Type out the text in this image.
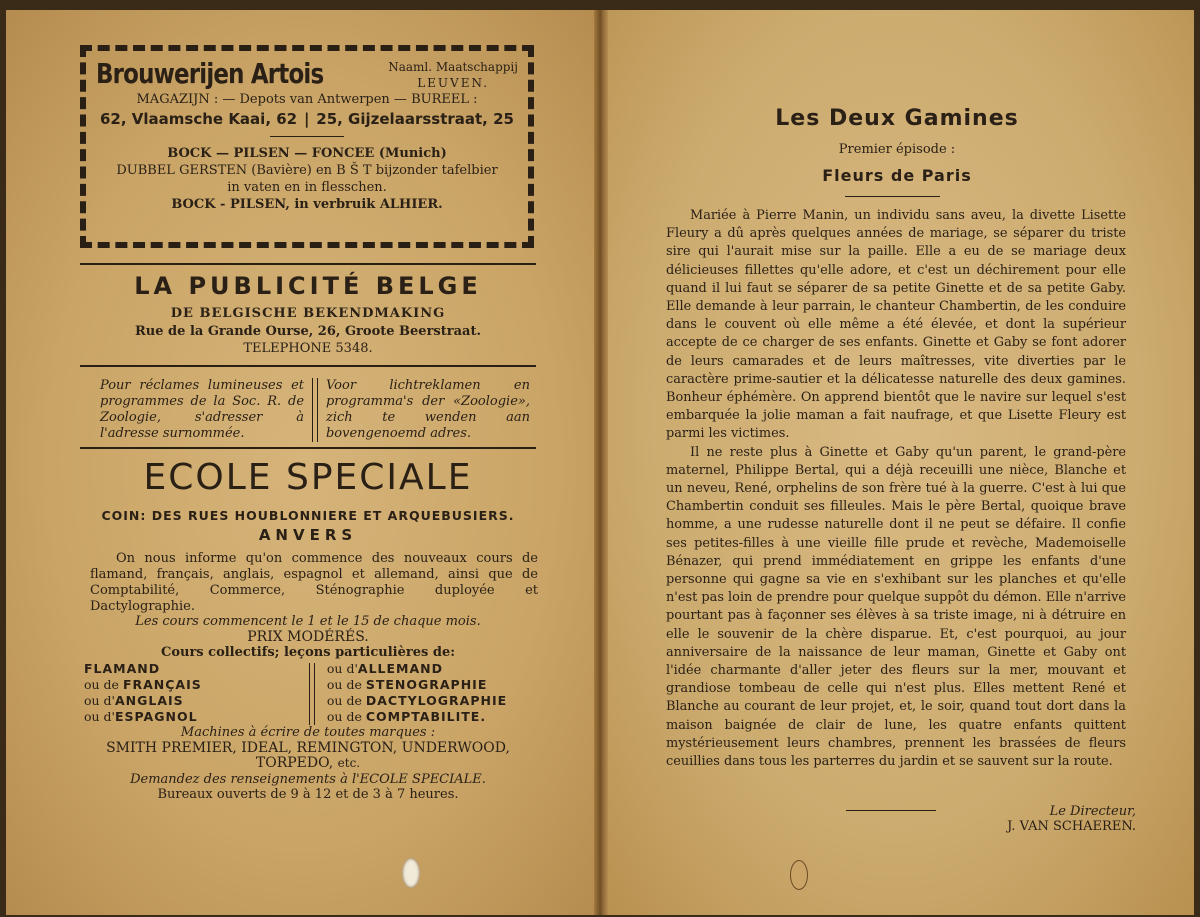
Brouwerijen Artois	Naaml. Maatschappij
LEUVEN.
MAGAZIJN : — Depots van Antwerpen — BUREEL :
62, Vlaamsche Kaai, 62 | 25, Gijzelaarsstraat, 25
BOCK — PILSEN — FONCEE (Munich)
DUBBEL GERSTEN (Bavière) en B Š T bijzonder tafelbier
in vaten en in flesschen.
BOCK - PILSEN, in verbruik ALHIER.
LA PUBLICITÉ BELGE
DE BELGISCHE BEKENDMAKING
Rue de la Grande Ourse, 26, Groote Beerstraat.
TELEPHONE 5348.
Pour réclames lumineuses et programmes de la Soc. R. de Zoologie, s'adresser à l'adresse surnommée.
Voor lichtreklamen en programma's der «Zoologie», zich te wenden aan bovengenoemd adres.
ECOLE SPECIALE
COIN: DES RUES HOUBLONNIERE ET ARQUEBUSIERS.
ANVERS
On nous informe qu'on commence des nouveaux cours de flamand, français, anglais, espagnol et allemand, ainsi que de Comptabilité, Commerce, Sténographie duployée et Dactylographie.
Les cours commencent le 1 et le 15 de chaque mois.
PRIX MODÉRÉS.
Cours collectifs; leçons particulières de:
FLAMAND
ou de FRANÇAIS
ou d'ANGLAIS
ou d'ESPAGNOL
ou d'ALLEMAND
ou de STENOGRAPHIE
ou de DACTYLOGRAPHIE
ou de COMPTABILITE.
Machines à écrire de toutes marques :
SMITH PREMIER, IDEAL, REMINGTON, UNDERWOOD,
TORPEDO, etc.
Demandez des renseignements à l'ECOLE SPECIALE.
Bureaux ouverts de 9 à 12 et de 3 à 7 heures.
Le Directeur,
J. VAN SCHAEREN.
Les Deux Gamines
Premier épisode :
Fleurs de Paris

Mariée à Pierre Manin, un individu sans aveu, la divette Lisette Fleury a dû après quelques années de mariage, se séparer du triste sire qui l'aurait mise sur la paille. Elle a eu de se mariage deux délicieuses fillettes qu'elle adore, et c'est un déchirement pour elle quand il lui faut se séparer de sa petite Ginette et de sa petite Gaby. Elle demande à leur parrain, le chanteur Chambertin, de les conduire dans le couvent où elle même a été élevée, et dont la supérieur accepte de ce charger de ses enfants. Ginette et Gaby se font adorer de leurs camarades et de leurs maîtresses, vite diverties par le caractère prime-sautier et la délicatesse naturelle des deux gamines. Bonheur éphémère. On apprend bientôt que le navire sur lequel s'est embarquée la jolie maman a fait naufrage, et que Lisette Fleury est parmi les victimes.

Il ne reste plus à Ginette et Gaby qu'un parent, le grand-père maternel, Philippe Bertal, qui a déjà receuilli une nièce, Blanche et un neveu, René, orphelins de son frère tué à la guerre. C'est à lui que Chambertin conduit ses filleules. Mais le père Bertal, quoique brave homme, a une rudesse naturelle dont il ne peut se défaire. Il confie ses petites-filles à une vieille fille prude et revèche, Mademoiselle Bénazer, qui prend immédiatement en grippe les enfants d'une personne qui gagne sa vie en s'exhibant sur les planches et qu'elle n'est pas loin de prendre pour quelque suppôt du démon. Elle n'arrive pourtant pas à façonner ses élèves à sa triste image, ni à détruire en elle le souvenir de la chère disparue. Et, c'est pourquoi, au jour anniversaire de la naissance de leur maman, Ginette et Gaby ont l'idée charmante d'aller jeter des fleurs sur la mer, mouvant et grandiose tombeau de celle qui n'est plus. Elles mettent René et Blanche au courant de leur projet, et, le soir, quand tout dort dans la maison baignée de clair de lune, les quatre enfants quittent mystérieusement leurs chambres, prennent les brassées de fleurs ceuillies dans tous les parterres du jardin et se sauvent sur la route.
